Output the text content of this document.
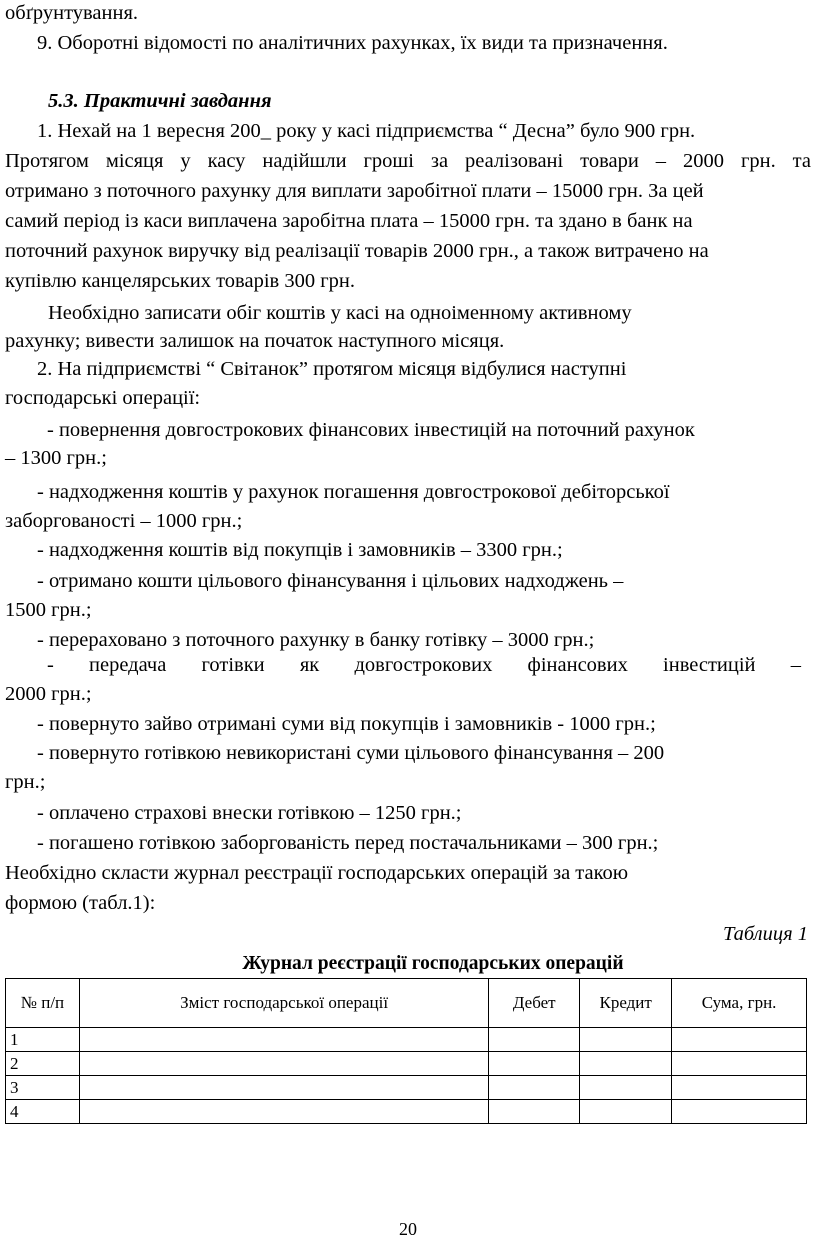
обґрунтування.
9. Оборотні відомості по аналітичних рахунках, їх види та призначення.
5.3. Практичні завдання
1. Нехай на 1 вересня 200_ року у касі підприємства “ Десна” було 900 грн.
Протягом місяця у касу надійшли гроші за реалізовані товари – 2000 грн. та
отримано з поточного рахунку для виплати заробітної плати – 15000 грн. За цей
самий період із каси виплачена заробітна плата – 15000 грн. та здано в банк на
поточний рахунок виручку від реалізації товарів 2000 грн., а також витрачено на
купівлю канцелярських товарів 300 грн.
Необхідно записати обіг коштів у касі на одноіменному активному
рахунку; вивести залишок на початок наступного місяця.
2. На підприємстві “ Світанок” протягом місяця відбулися наступні
господарські операції:
- повернення довгострокових фінансових інвестицій на поточний рахунок
– 1300 грн.;
- надходження коштів у рахунок погашення довгострокової дебіторської
заборгованості – 1000 грн.;
- надходження коштів від покупців і замовників – 3300 грн.;
- отримано кошти цільового фінансування і цільових надходжень –
1500 грн.;
- перераховано з поточного рахунку в банку готівку – 3000 грн.;
- передача готівки як довгострокових фінансових інвестицій –
2000 грн.;
- повернуто зайво отримані суми від покупців і замовників - 1000 грн.;
- повернуто готівкою невикористані суми цільового фінансування – 200
грн.;
- оплачено страхові внески готівкою – 1250 грн.;
- погашено готівкою заборгованість перед постачальниками – 300 грн.;
Необхідно скласти журнал реєстрації господарських операцій за такою
формою (табл.1):
Таблиця 1
Журнал реєстрації господарських операцій
№ п/п	Зміст господарської операції	Дебет	Кредит	Сума, грн.
1				
2				
3				
4				
20
